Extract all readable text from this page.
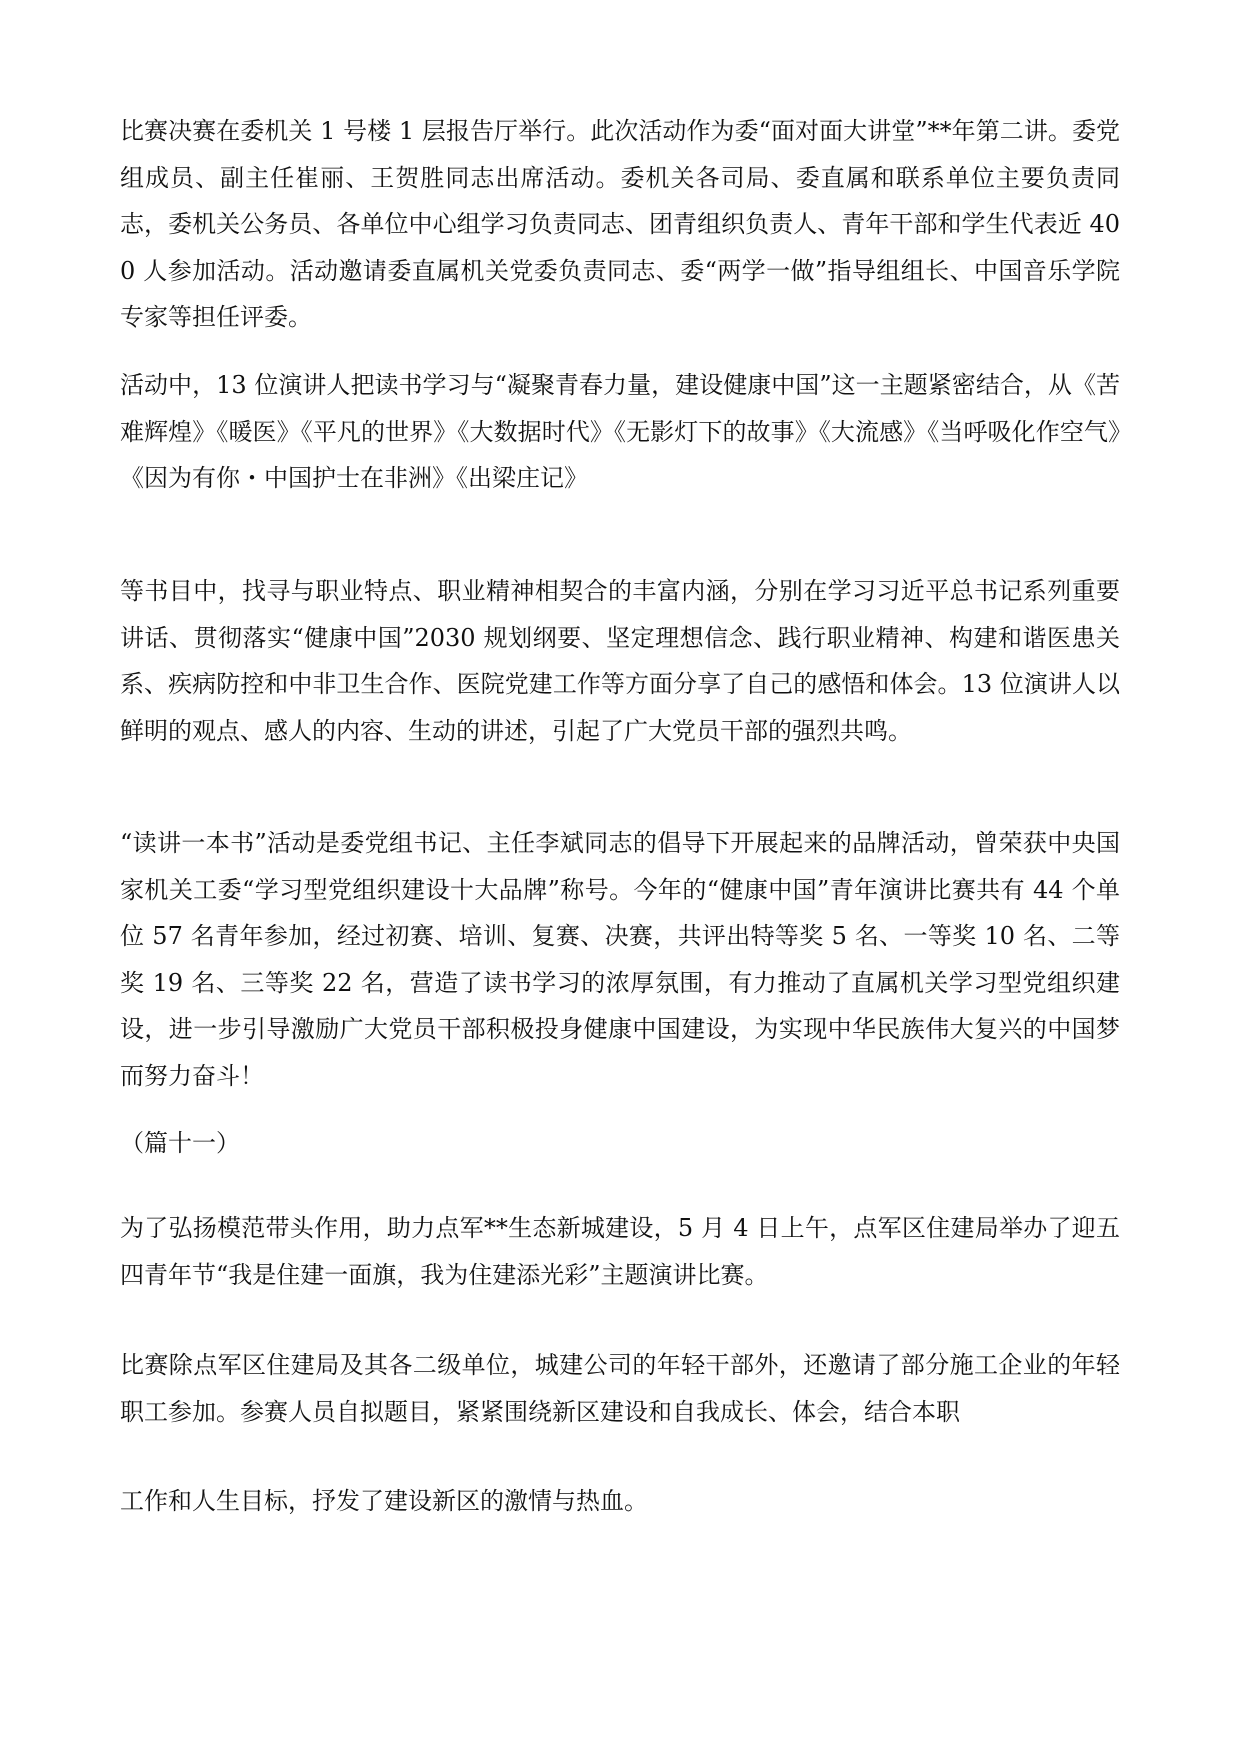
比赛决赛在委机关 1 号楼 1 层报告厅举行。此次活动作为委“面对面大讲堂”**年第二讲。委党组成员、副主任崔丽、王贺胜同志出席活动。委机关各司局、委直属和联系单位主要负责同志，委机关公务员、各单位中心组学习负责同志、团青组织负责人、青年干部和学生代表近 400 人参加活动。活动邀请委直属机关党委负责同志、委“两学一做”指导组组长、中国音乐学院专家等担任评委。

活动中，13 位演讲人把读书学习与“凝聚青春力量，建设健康中国”这一主题紧密结合，从《苦难辉煌》《暖医》《平凡的世界》《大数据时代》《无影灯下的故事》《大流感》《当呼吸化作空气》《因为有你・中国护士在非洲》《出梁庄记》

等书目中，找寻与职业特点、职业精神相契合的丰富内涵，分别在学习习近平总书记系列重要讲话、贯彻落实“健康中国”2030 规划纲要、坚定理想信念、践行职业精神、构建和谐医患关系、疾病防控和中非卫生合作、医院党建工作等方面分享了自己的感悟和体会。13 位演讲人以鲜明的观点、感人的内容、生动的讲述，引起了广大党员干部的强烈共鸣。

“读讲一本书”活动是委党组书记、主任李斌同志的倡导下开展起来的品牌活动，曾荣获中央国家机关工委“学习型党组织建设十大品牌”称号。今年的“健康中国”青年演讲比赛共有 44 个单位 57 名青年参加，经过初赛、培训、复赛、决赛，共评出特等奖 5 名、一等奖 10 名、二等奖 19 名、三等奖 22 名，营造了读书学习的浓厚氛围，有力推动了直属机关学习型党组织建设，进一步引导激励广大党员干部积极投身健康中国建设，为实现中华民族伟大复兴的中国梦而努力奋斗！

（篇十一）

为了弘扬模范带头作用，助力点军**生态新城建设，5 月 4 日上午，点军区住建局举办了迎五四青年节“我是住建一面旗，我为住建添光彩”主题演讲比赛。

比赛除点军区住建局及其各二级单位，城建公司的年轻干部外，还邀请了部分施工企业的年轻职工参加。参赛人员自拟题目，紧紧围绕新区建设和自我成长、体会，结合本职

工作和人生目标，抒发了建设新区的激情与热血。
